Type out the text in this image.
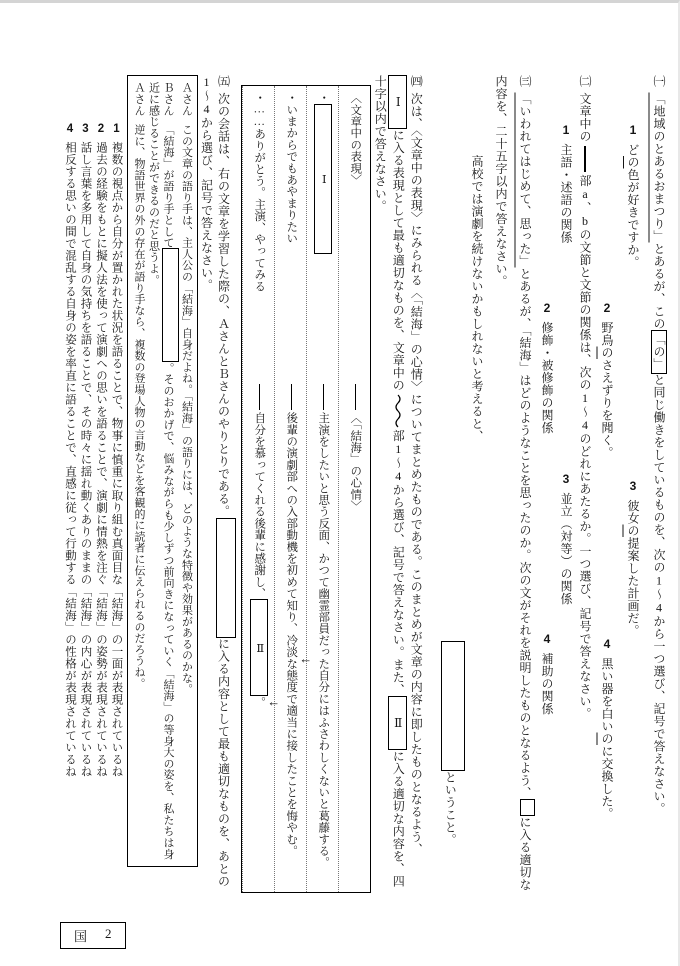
㈠「地域のとあるおまつり」とあるが、この「の」と同じ働きをしているものを、次の1〜4から一つ選び、記号で答えなさい。
1どの色が好きですか。3彼女の提案した計画だ。
2野鳥のさえずりを聞く。4黒い器を白いのに交換した。
㈡文章中の部a、bの文節と文節の関係は、次の1〜4のどれにあたるか。一つ選び、記号で答えなさい。
1主語・述語の関係3並立（対等）の関係
2修飾・被修飾の関係4補助の関係
㈢「いわれてはじめて、思った」とあるが、「結海」はどのようなことを思ったのか。次の文がそれを説明したものとなるよう、に入る適切な内容を、二十五字以内で答えなさい。
高校では演劇を続けないかもしれないと考えると、
ということ。
㈣次は、〈文章中の表現〉にみられる〈「結海」の心情〉についてまとめたものである。このまとめが文章の内容に即したものとなるよう、
Ⅰ
に入る表現として最も適切なものを、文章中の部1〜4から選び、記号で答えなさい。また、
Ⅱ
に入る適切な内容を、四十字以内で答えなさい。
〈文章中の表現〉〈「結海」の心情〉
・
Ⅰ
主演をしたいと思う反面、かつて幽霊部員だった自分にはふさわしくないと葛藤する。
・いまからでもあやまりたい後輩の演劇部への入部動機を初めて知り、冷淡な態度で適当に接したことを悔やむ。
・……ありがとう。主演、やってみる自分を慕ってくれる後輩に感謝し、
Ⅱ
。
←
←
㈤次の会話は、右の文章を学習した際の、ＡさんとＢさんのやりとりである。に入る内容として最も適切なものを、あとの1〜4から選び、記号で答えなさい。
Ａさんこの文章の語り手は、主人公の「結海」自身だよね。「結海」の語りには、どのような特徴や効果があるのかな。
Ｂさん「結海」が語り手として。そのおかげで、悩みながらも少しずつ前向きになっていく「結海」の等身大の姿を、私たちは身近に感じることができるのだと思うよ。
Ａさん逆に、物語世界の外の存在が語り手なら、複数の登場人物の言動などを客観的に読者に伝えられるのだろうね。
1複数の視点から自分が置かれた状況を語ることで、物事に慎重に取り組む真面目な「結海」の一面が表現されているね
2過去の経験をもとに擬人法を使って演劇への思いを語ることで、演劇に情熱を注ぐ「結海」の姿勢が表現されているね
3話し言葉を多用して自身の気持ちを語ることで、その時々に揺れ動くありのままの「結海」の内心が表現されているね
4相反する思いの間で混乱する自身の姿を率直に語ることで、直感に従って行動する「結海」の性格が表現されているね
国 2
